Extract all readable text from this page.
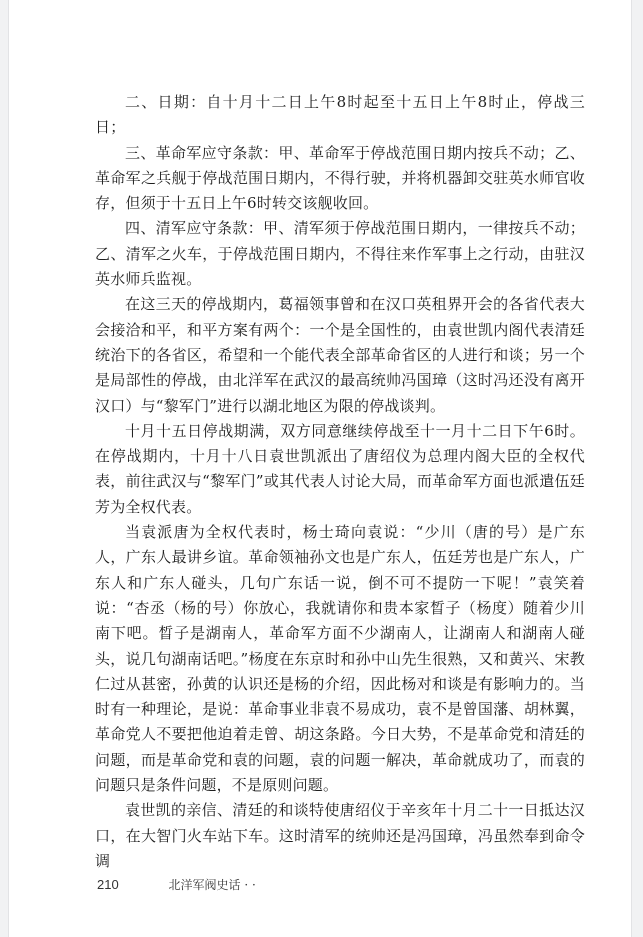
二、日期：自十月十二日上午8时起至十五日上午8时止，停战三日；

三、革命军应守条款：甲、革命军于停战范围日期内按兵不动；乙、革命军之兵舰于停战范围日期内，不得行驶，并将机器卸交驻英水师官收存，但须于十五日上午6时转交该舰收回。

四、清军应守条款：甲、清军须于停战范围日期内，一律按兵不动；乙、清军之火车，于停战范围日期内，不得往来作军事上之行动，由驻汉英水师兵监视。

在这三天的停战期内，葛福领事曾和在汉口英租界开会的各省代表大会接洽和平，和平方案有两个：一个是全国性的，由袁世凯内阁代表清廷统治下的各省区，希望和一个能代表全部革命省区的人进行和谈；另一个是局部性的停战，由北洋军在武汉的最高统帅冯国璋（这时冯还没有离开汉口）与“黎军门”进行以湖北地区为限的停战谈判。

十月十五日停战期满，双方同意继续停战至十一月十二日下午6时。在停战期内，十月十八日袁世凯派出了唐绍仪为总理内阁大臣的全权代表，前往武汉与“黎军门”或其代表人讨论大局，而革命军方面也派遣伍廷芳为全权代表。

当袁派唐为全权代表时，杨士琦向袁说：“少川（唐的号）是广东人，广东人最讲乡谊。革命领袖孙文也是广东人，伍廷芳也是广东人，广东人和广东人碰头，几句广东话一说，倒不可不提防一下呢！”袁笑着说：“杏丞（杨的号）你放心，我就请你和贵本家晳子（杨度）随着少川南下吧。晳子是湖南人，革命军方面不少湖南人，让湖南人和湖南人碰头，说几句湖南话吧。”杨度在东京时和孙中山先生很熟，又和黄兴、宋教仁过从甚密，孙黄的认识还是杨的介绍，因此杨对和谈是有影响力的。当时有一种理论，是说：革命事业非袁不易成功，袁不是曾国藩、胡林翼，革命党人不要把他迫着走曾、胡这条路。今日大势，不是革命党和清廷的问题，而是革命党和袁的问题，袁的问题一解决，革命就成功了，而袁的问题只是条件问题，不是原则问题。

袁世凯的亲信、清廷的和谈特使唐绍仪于辛亥年十月二十一日抵达汉口，在大智门火车站下车。这时清军的统帅还是冯国璋，冯虽然奉到命令调

210	北洋军阀史话 · ·
